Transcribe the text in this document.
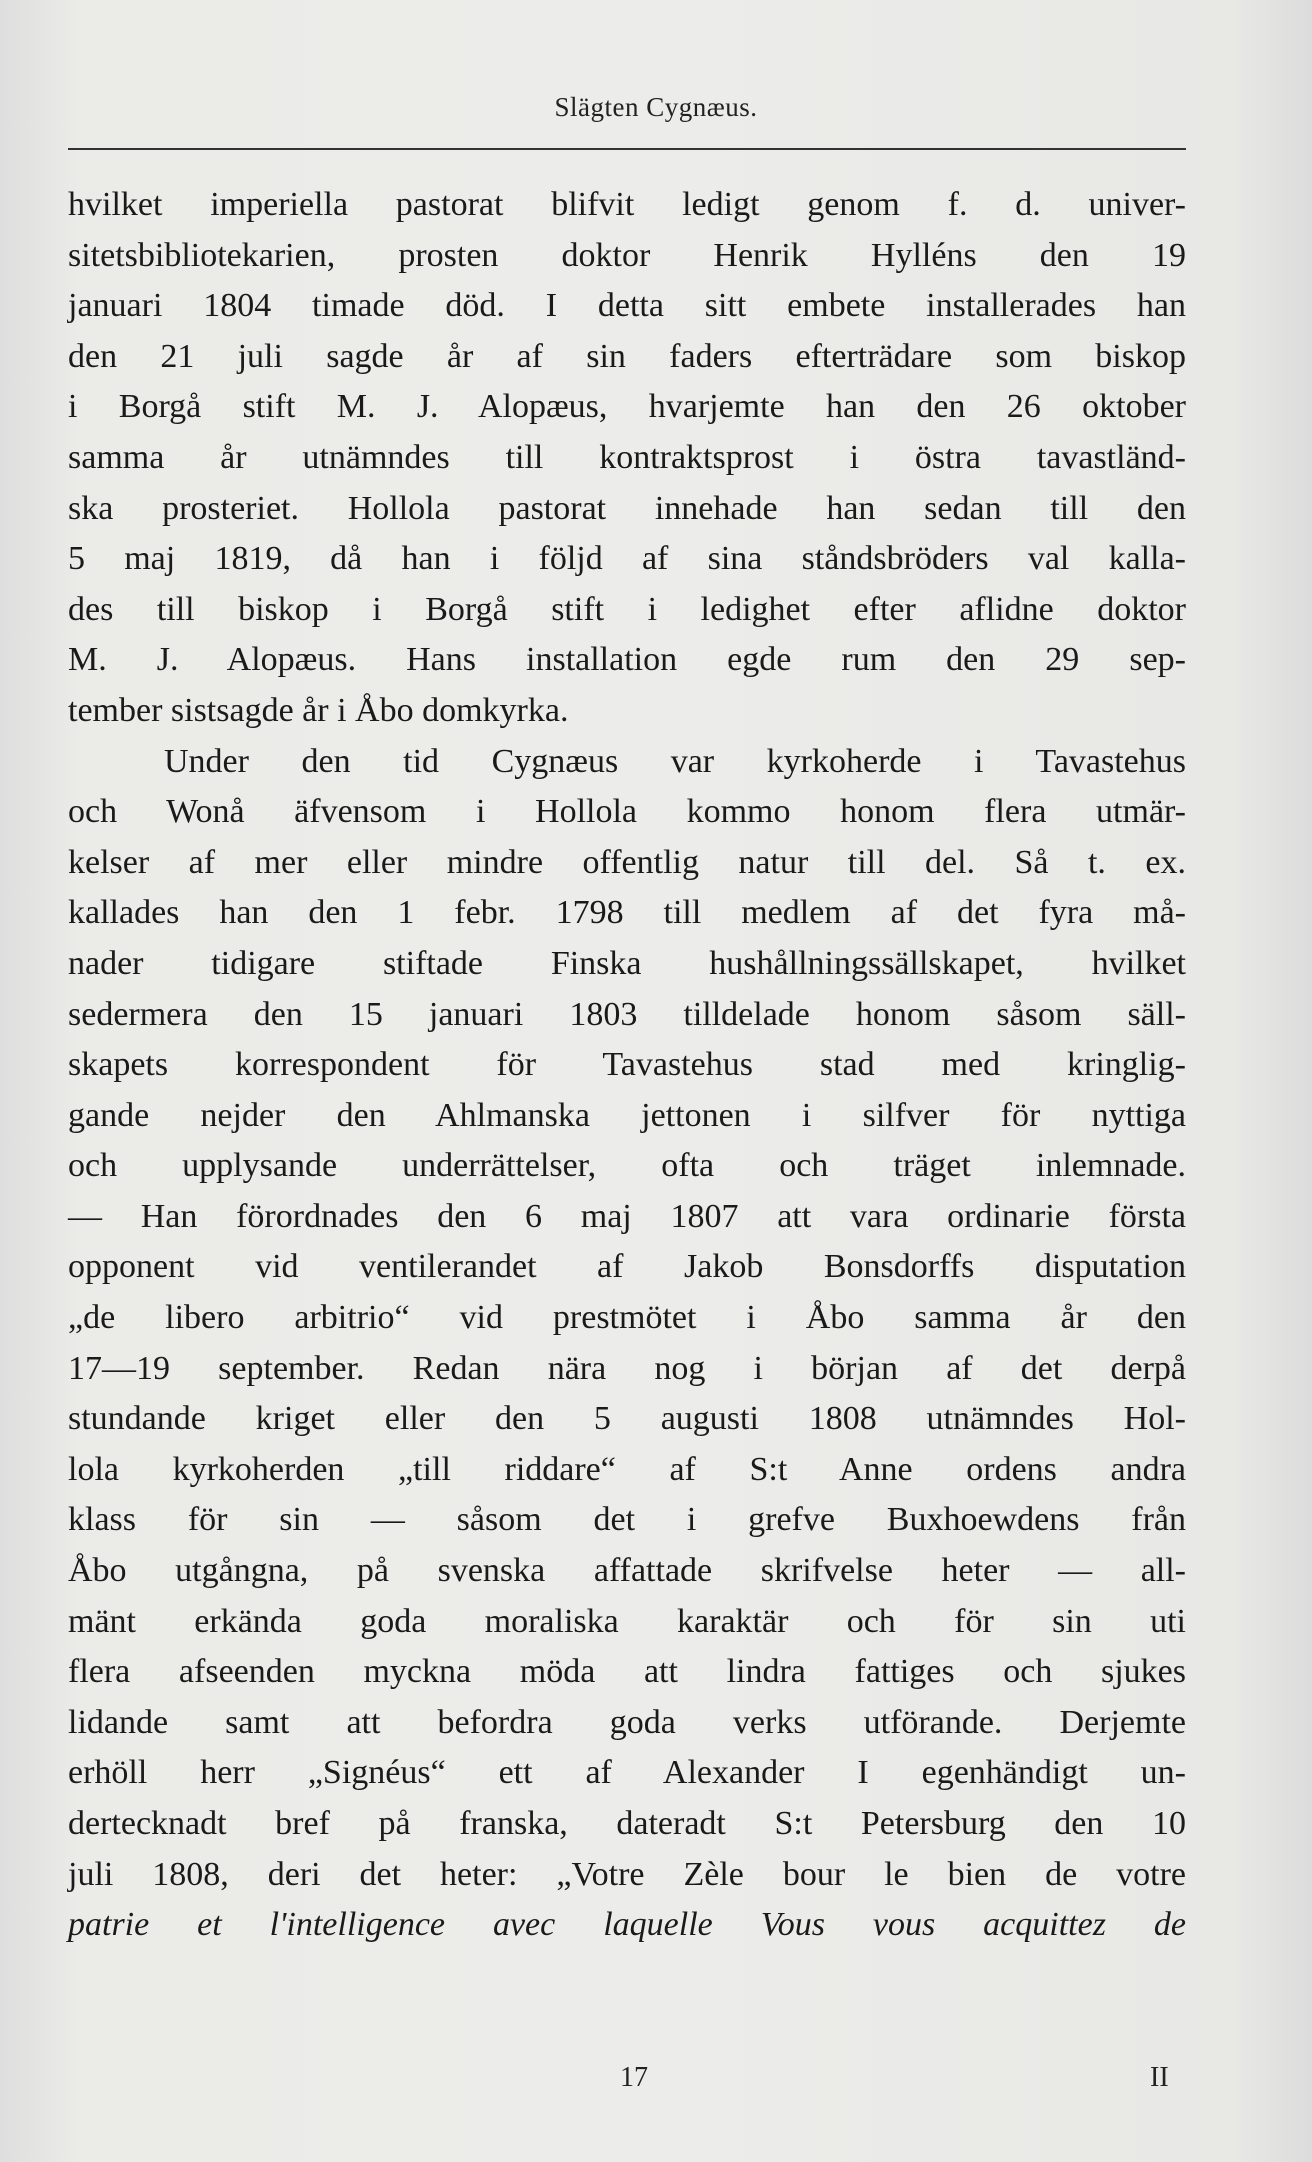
Slägten Cygnæus.
hvilket imperiella pastorat blifvit ledigt genom f. d. univer-
sitetsbibliotekarien, prosten doktor Henrik Hylléns den 19
januari 1804 timade död. I detta sitt embete installerades han
den 21 juli sagde år af sin faders efterträdare som biskop
i Borgå stift M. J. Alopæus, hvarjemte han den 26 oktober
samma år utnämndes till kontraktsprost i östra tavastländ-
ska prosteriet. Hollola pastorat innehade han sedan till den
5 maj 1819, då han i följd af sina ståndsbröders val kalla-
des till biskop i Borgå stift i ledighet efter aflidne doktor
M. J. Alopæus. Hans installation egde rum den 29 sep-
tember sistsagde år i Åbo domkyrka.
Under den tid Cygnæus var kyrkoherde i Tavastehus
och Wonå äfvensom i Hollola kommo honom flera utmär-
kelser af mer eller mindre offentlig natur till del. Så t. ex.
kallades han den 1 febr. 1798 till medlem af det fyra må-
nader tidigare stiftade Finska hushållningssällskapet, hvilket
sedermera den 15 januari 1803 tilldelade honom såsom säll-
skapets korrespondent för Tavastehus stad med kringlig-
gande nejder den Ahlmanska jettonen i silfver för nyttiga
och upplysande underrättelser, ofta och träget inlemnade.
— Han förordnades den 6 maj 1807 att vara ordinarie första
opponent vid ventilerandet af Jakob Bonsdorffs disputation
„de libero arbitrio“ vid prestmötet i Åbo samma år den
17—19 september. Redan nära nog i början af det derpå
stundande kriget eller den 5 augusti 1808 utnämndes Hol-
lola kyrkoherden „till riddare“ af S:t Anne ordens andra
klass för sin — såsom det i grefve Buxhoewdens från
Åbo utgångna, på svenska affattade skrifvelse heter — all-
mänt erkända goda moraliska karaktär och för sin uti
flera afseenden myckna möda att lindra fattiges och sjukes
lidande samt att befordra goda verks utförande. Derjemte
erhöll herr „Signéus“ ett af Alexander I egenhändigt un-
dertecknadt bref på franska, dateradt S:t Petersburg den 10
juli 1808, deri det heter: „Votre Zèle bour le bien de votre
patrie et l'intelligence avec laquelle Vous vous acquittez de
17	II
